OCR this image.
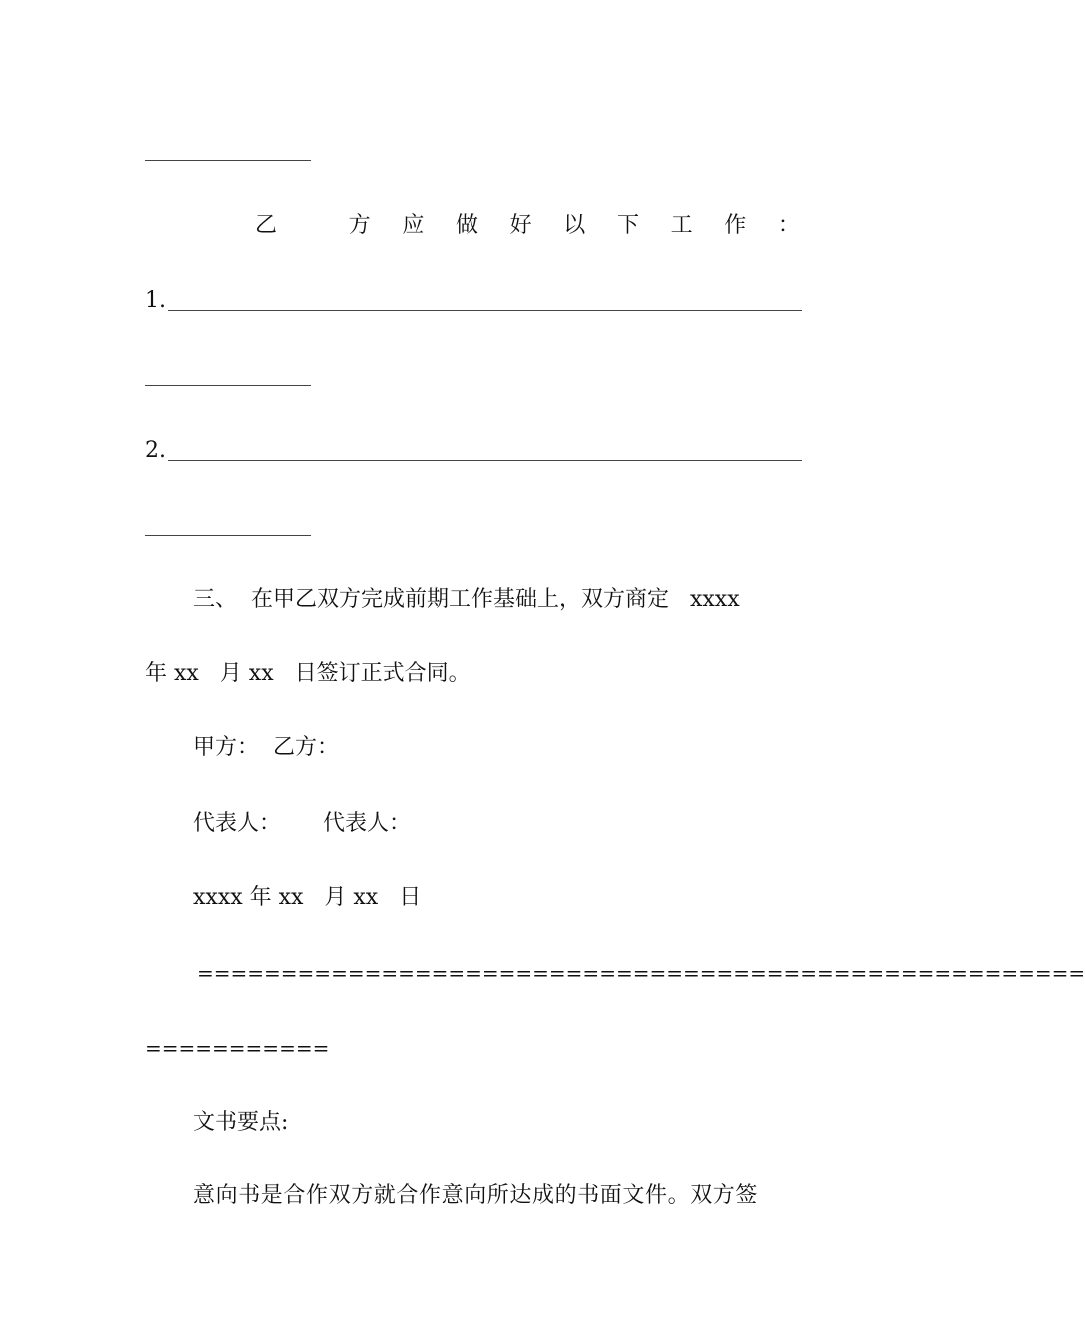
乙	方 应 做 好 以 下 工 作 ：

1.

2.

三、  在甲乙双方完成前期工作基础上，双方商定   xxxx

年 xx   月 xx   日签订正式合同。

甲方：  乙方：

代表人：      代表人：

xxxx 年 xx   月 xx   日

=====================================================

===========

文书要点:

意向书是合作双方就合作意向所达成的书面文件。双方签
